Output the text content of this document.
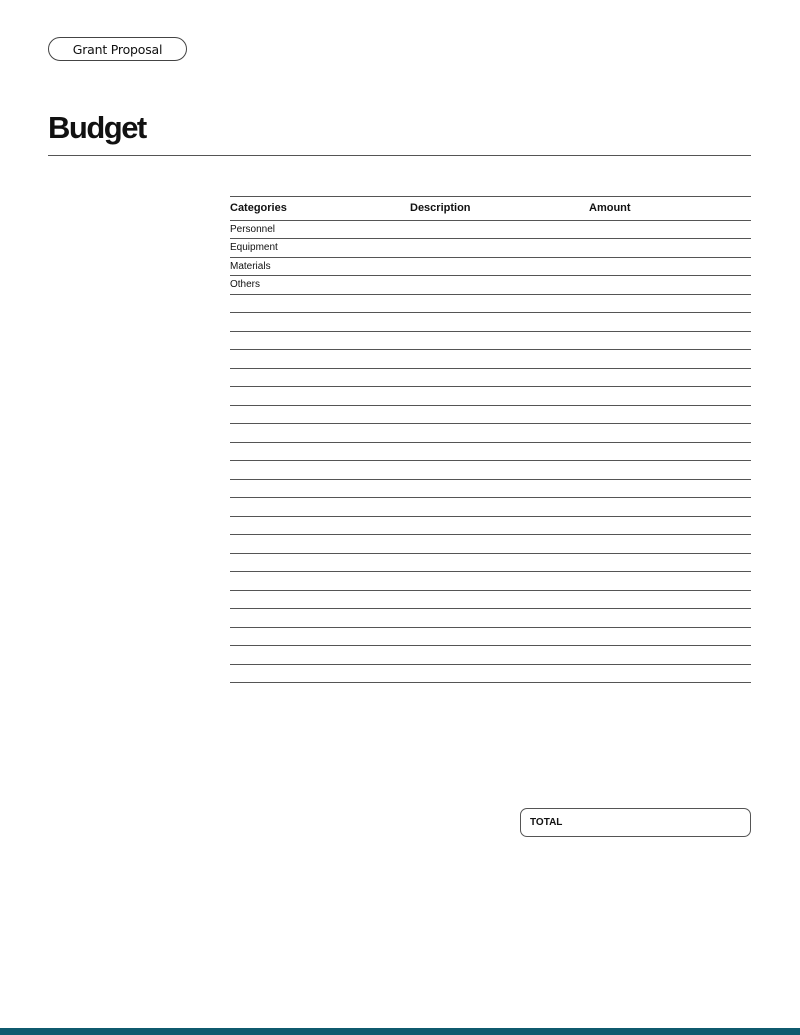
Grant Proposal
Budget
Categories	Description	Amount
Personnel
Equipment
Materials
Others
TOTAL
